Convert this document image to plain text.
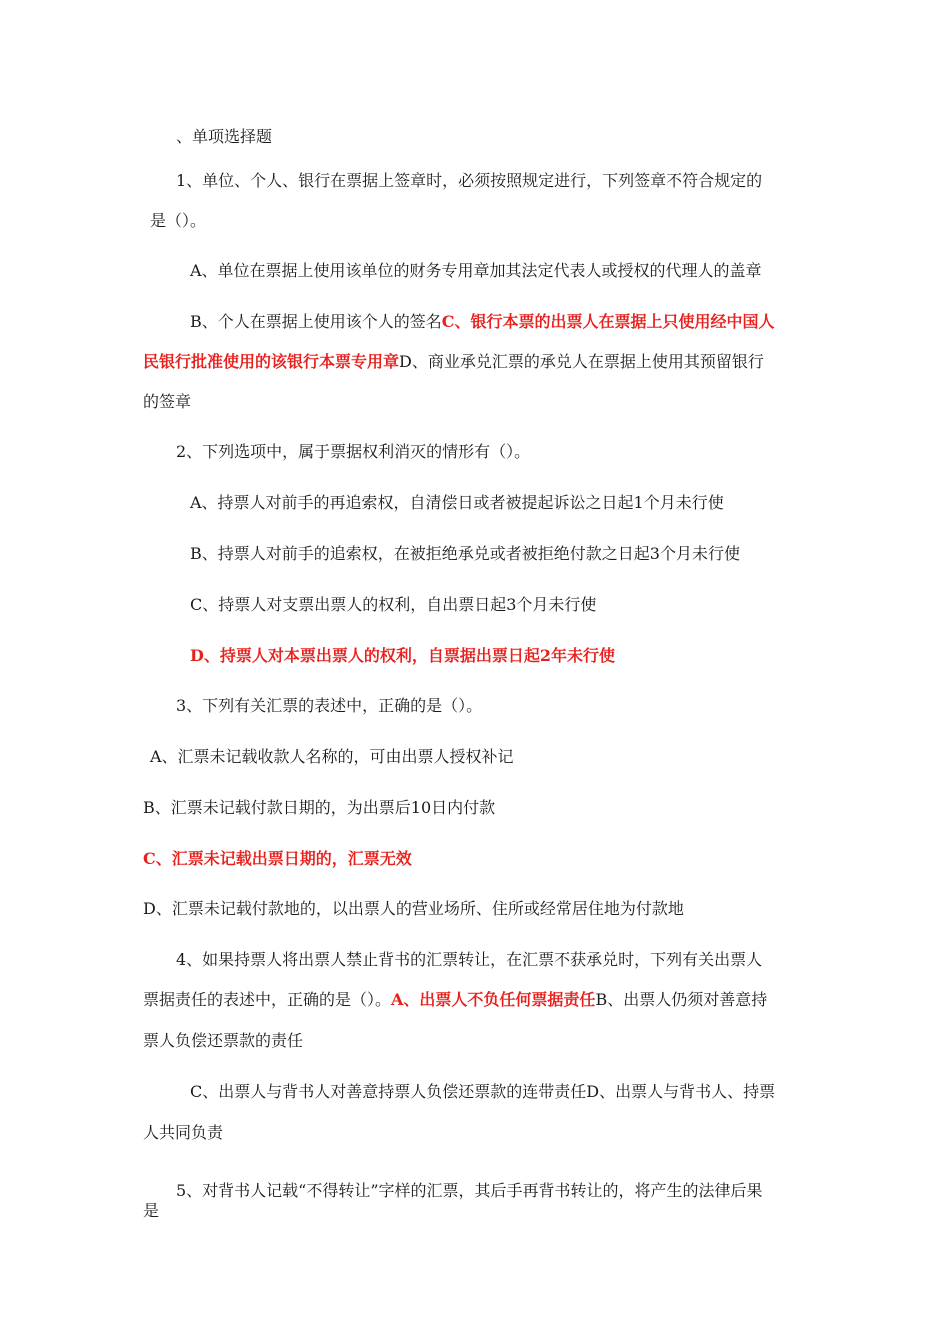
、单项选择题

1、单位、个人、银行在票据上签章时，必须按照规定进行，下列签章不符合规定的

是（）。

A、单位在票据上使用该单位的财务专用章加其法定代表人或授权的代理人的盖章

B、个人在票据上使用该个人的签名C、银行本票的出票人在票据上只使用经中国人

民银行批准使用的该银行本票专用章D、商业承兑汇票的承兑人在票据上使用其预留银行

的签章

2、下列选项中，属于票据权利消灭的情形有（）。

A、持票人对前手的再追索权，自清偿日或者被提起诉讼之日起1个月未行使

B、持票人对前手的追索权，在被拒绝承兑或者被拒绝付款之日起3个月未行使

C、持票人对支票出票人的权利，自出票日起3个月未行使

D、持票人对本票出票人的权利，自票据出票日起2年未行使

3、下列有关汇票的表述中，正确的是（）。

A、汇票未记载收款人名称的，可由出票人授权补记

B、汇票未记载付款日期的，为出票后10日内付款

C、汇票未记载出票日期的，汇票无效

D、汇票未记载付款地的，以出票人的营业场所、住所或经常居住地为付款地

4、如果持票人将出票人禁止背书的汇票转让，在汇票不获承兑时，下列有关出票人

票据责任的表述中，正确的是（）。A、出票人不负任何票据责任B、出票人仍须对善意持

票人负偿还票款的责任

C、出票人与背书人对善意持票人负偿还票款的连带责任D、出票人与背书人、持票

人共同负责

5、对背书人记载“不得转让”字样的汇票，其后手再背书转让的，将产生的法律后果

是
